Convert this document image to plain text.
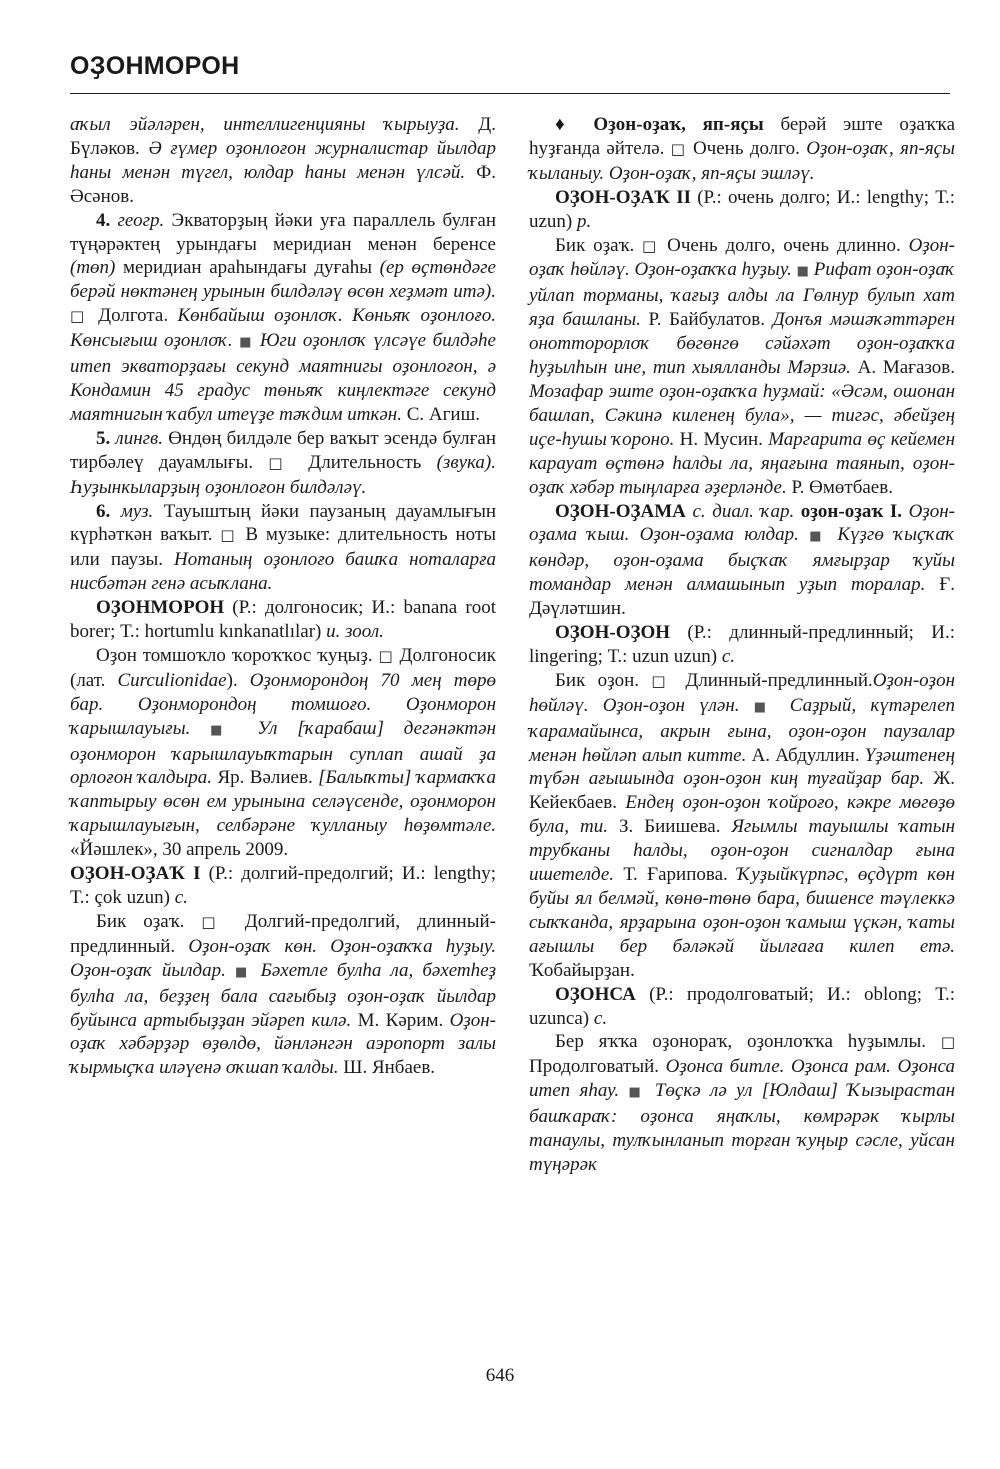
ОҘОНМОРОН

аҡыл эйәләрен, интеллигенцияны ҡырыуҙа. Д. Бүләков. Ә ғүмер оҙонлоғон журналистар йылдар һаны менән түгел, юлдар һаны менән үлсәй. Ф. Әсәнов.

4. геогр. Экваторҙың йәки уға параллель булған түңәрәктең урындағы меридиан менән беренсе (төп) меридиан араһындағы дуғаһы (ер өҫтөндәге берәй нөктәнең урынын билдәләү өсөн хеҙмәт итә). □ Долгота. Көнбайыш оҙонлоҡ. Көньяҡ оҙонлоғо. Көнсығыш оҙонлоҡ. ■ Юги оҙонлоҡ үлсәүе билдәһе итеп экваторҙағы секунд маятнигы оҙонлоғон, ә Кондамин 45 градус төньяҡ киңлектәге секунд маятнигын ҡабул итеүҙе тәҡдим иткән. С. Агиш.

5. лингв. Өндөң билдәле бер ваҡыт эсендә булған тирбәлеү дауамлығы. □ Длительность (звука). Һуҙынкыларҙың оҙонлоғон билдәләү.

6. муз. Тауыштың йәки паузаның дауамлығын күрһәткән ваҡыт. □ В музыке: длительность ноты или паузы. Нотаның оҙонлоғо башҡа ноталарға нисбәтән генә асыҡлана.

ОҘОНМОРОН (Р.: долгоносик; И.: banana root borer; Т.: hortumlu kınkanatlılar) и. зоол.

Оҙон томшоҡло ҡороҡҡос ҡуңыҙ. □ Долгоносик (лат. Curculionidae). Оҙонморондоң 70 мең төрө бар. Оҙонморондоң томшоғо. Оҙонморон ҡарышлауығы. ■ Ул [ҡарабаш] дегәнәктән оҙонморон ҡарышлауыҡтарын суплап ашай ҙа орлоғон ҡалдыра. Яр. Вәлиев. [Балыҡты] ҡармаҡҡа ҡаптырыу өсөн ем урынына селәүсенде, оҙонморон ҡарышлауығын, селбәрәне ҡулланыу һөҙөмтәле. «Йәшлек», 30 апрель 2009.

ОҘОН-ОҘАҠ I (Р.: долгий-предолгий; И.: lengthy; Т.: çok uzun) с.

Бик оҙаҡ. □ Долгий-предолгий, длинный-предлинный. Оҙон-оҙаҡ көн. Оҙон-оҙаҡҡа һуҙыу. Оҙон-оҙаҡ йылдар. ■ Бәхетле булһа ла, бәхетһеҙ булһа ла, беҙҙең бала сағыбыҙ оҙон-оҙаҡ йылдар буйынса артыбыҙҙан эйәреп килә. М. Кәрим. Оҙон-оҙаҡ хәбәрҙәр өҙөлдө, йәнләнгән аэропорт залы ҡырмыҫҡа иләүенә оҡшап ҡалды. Ш. Янбаев.

♦ Оҙон-оҙаҡ, яп-яҫы берәй эште оҙаҡҡа һуҙғанда әйтелә. □ Очень долго. Оҙон-оҙаҡ, яп-яҫы ҡыланыу. Оҙон-оҙаҡ, яп-яҫы эшләү.

ОҘОН-ОҘАҠ II (Р.: очень долго; И.: lengthy; Т.: uzun) р.

Бик оҙаҡ. □ Очень долго, очень длинно. Оҙон-оҙаҡ һөйләү. Оҙон-оҙаҡҡа һуҙыу. ■ Рифат оҙон-оҙаҡ уйлап торманы, ҡағыҙ алды ла Гөлнур булып хат яҙа башланы. Р. Байбулатов. Донъя мәшәҡәттәрен онотторорлоҡ бөгөнгө сәйәхәт оҙон-оҙаҡҡа һуҙылһын ине, тип хыялланды Мәрзиә. А. Мағазов. Мозафар эште оҙон-оҙаҡҡа һуҙмай: «Әсәм, ошонан башлап, Сәкинә киленең була», — тигәс, әбейҙең иҫе-һушы ҡороно. Н. Мусин. Маргарита өҫ кейемен карауат өҫтөнә һалды ла, яңағына таянып, оҙон-оҙаҡ хәбәр тыңларға әҙерләнде. Р. Өмөтбаев.

ОҘОН-ОҘАМА с. диал. ҡар. оҙон-оҙаҡ I. Оҙон-оҙама ҡыш. Оҙон-оҙама юлдар. ■ Күҙгө ҡыҫҡаҡ көндәр, оҙон-оҙама быҫҡаҡ ямғырҙар ҡуйы томандар менән алмашынып уҙып торалар. Ғ. Дәүләтшин.

ОҘОН-ОҘОН (Р.: длинный-предлинный; И.: lingering; Т.: uzun uzun) с.

Бик оҙон. □ Длинный-предлинный.Оҙон-оҙон һөйләү. Оҙон-оҙон үлән. ■ Саҙрый, күтәрелеп ҡарамайынса, акрын ғына, оҙон-оҙон паузалар менән һөйләп алып китте. А. Абдуллин. Үҙәштенең түбән ағышында оҙон-оҙон киң туғайҙар бар. Ж. Кейекбаев. Ендең оҙон-оҙон ҡойроғо, кәкре мөгөҙө була, ти. З. Биишева. Ягымлы тауышлы ҡатын трубканы һалды, оҙон-оҙон сигналдар ғына ишетелде. Т. Ғарипова. Ҡуҙыйкүрпәс, өҫдүрт көн буйы ял белмәй, көнө-төнө бара, бишенсе тәүлеккә сыҡҡанда, ярҙарына оҙон-оҙон ҡамыш үҫкән, ҡаты ағышлы бер бәләкәй йылғаға килеп етә. Ҡобайырҙан.

ОҘОНСА (Р.: продолговатый; И.: oblong; Т.: uzunca) с.

Бер яҡҡа оҙонораҡ, оҙонлоҡҡа һуҙымлы. □ Продолговатый. Оҙонса битле. Оҙонса рам. Оҙонса итеп яһау. ■ Төҫкә лә ул [Юлдаш] Ҡызырастан башҡараҡ: оҙонса яңаҡлы, көмрәрәк ҡырлы танаулы, тулҡынланып торған ҡуңыр сәсле, уйсан түңәрәк

646
